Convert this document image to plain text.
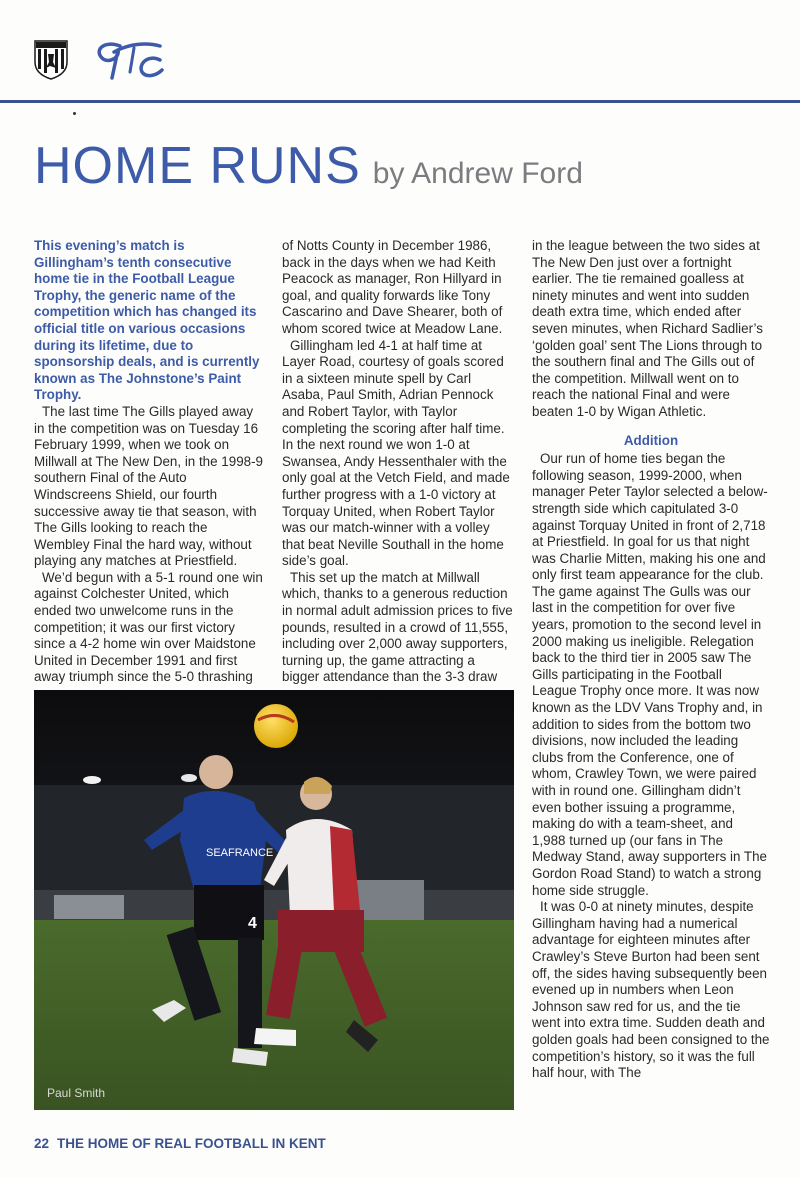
HOME RUNS by Andrew Ford

This evening’s match is Gillingham’s tenth consecutive home tie in the Football League Trophy, the generic name of the competition which has changed its official title on various occasions during its lifetime, due to sponsorship deals, and is currently known as The Johnstone’s Paint Trophy.

The last time The Gills played away in the competition was on Tuesday 16 February 1999, when we took on Millwall at The New Den, in the 1998-9 southern Final of the Auto Windscreens Shield, our fourth successive away tie that season, with The Gills looking to reach the Wembley Final the hard way, without playing any matches at Priestfield.

We’d begun with a 5-1 round one win against Colchester United, which ended two unwelcome runs in the competition; it was our first victory since a 4-2 home win over Maidstone United in December 1991 and first away triumph since the 5-0 thrashing

of Notts County in December 1986, back in the days when we had Keith Peacock as manager, Ron Hillyard in goal, and quality forwards like Tony Cascarino and Dave Shearer, both of whom scored twice at Meadow Lane.

Gillingham led 4-1 at half time at Layer Road, courtesy of goals scored in a sixteen minute spell by Carl Asaba, Paul Smith, Adrian Pennock and Robert Taylor, with Taylor completing the scoring after half time. In the next round we won 1-0 at Swansea, Andy Hessenthaler with the only goal at the Vetch Field, and made further progress with a 1-0 victory at Torquay United, when Robert Taylor was our match-winner with a volley that beat Neville Southall in the home side’s goal.

This set up the match at Millwall which, thanks to a generous reduction in normal adult admission prices to five pounds, resulted in a crowd of 11,555, including over 2,000 away supporters, turning up, the game attracting a bigger attendance than the 3-3 draw

in the league between the two sides at The New Den just over a fortnight earlier. The tie remained goalless at ninety minutes and went into sudden death extra time, which ended after seven minutes, when Richard Sadlier’s ‘golden goal’ sent The Lions through to the southern final and The Gills out of the competition. Millwall went on to reach the national Final and were beaten 1-0 by Wigan Athletic.

Addition

Our run of home ties began the following season, 1999-2000, when manager Peter Taylor selected a below-strength side which capitulated 3-0 against Torquay United in front of 2,718 at Priestfield. In goal for us that night was Charlie Mitten, making his one and only first team appearance for the club. The game against The Gulls was our last in the competition for over five years, promotion to the second level in 2000 making us ineligible. Relegation back to the third tier in 2005 saw The Gills participating in the Football League Trophy once more. It was now known as the LDV Vans Trophy and, in addition to sides from the bottom two divisions, now included the leading clubs from the Conference, one of whom, Crawley Town, we were paired with in round one. Gillingham didn’t even bother issuing a programme, making do with a team-sheet, and 1,988 turned up (our fans in The Medway Stand, away supporters in The Gordon Road Stand) to watch a strong home side struggle.

It was 0-0 at ninety minutes, despite Gillingham having had a numerical advantage for eighteen minutes after Crawley’s Steve Burton had been sent off, the sides having subsequently been evened up in numbers when Leon Johnson saw red for us, and the tie went into extra time. Sudden death and golden goals had been consigned to the competition’s history, so it was the full half hour, with The

SEAFRANCE
4
Paul Smith
22 THE HOME OF REAL FOOTBALL IN KENT
